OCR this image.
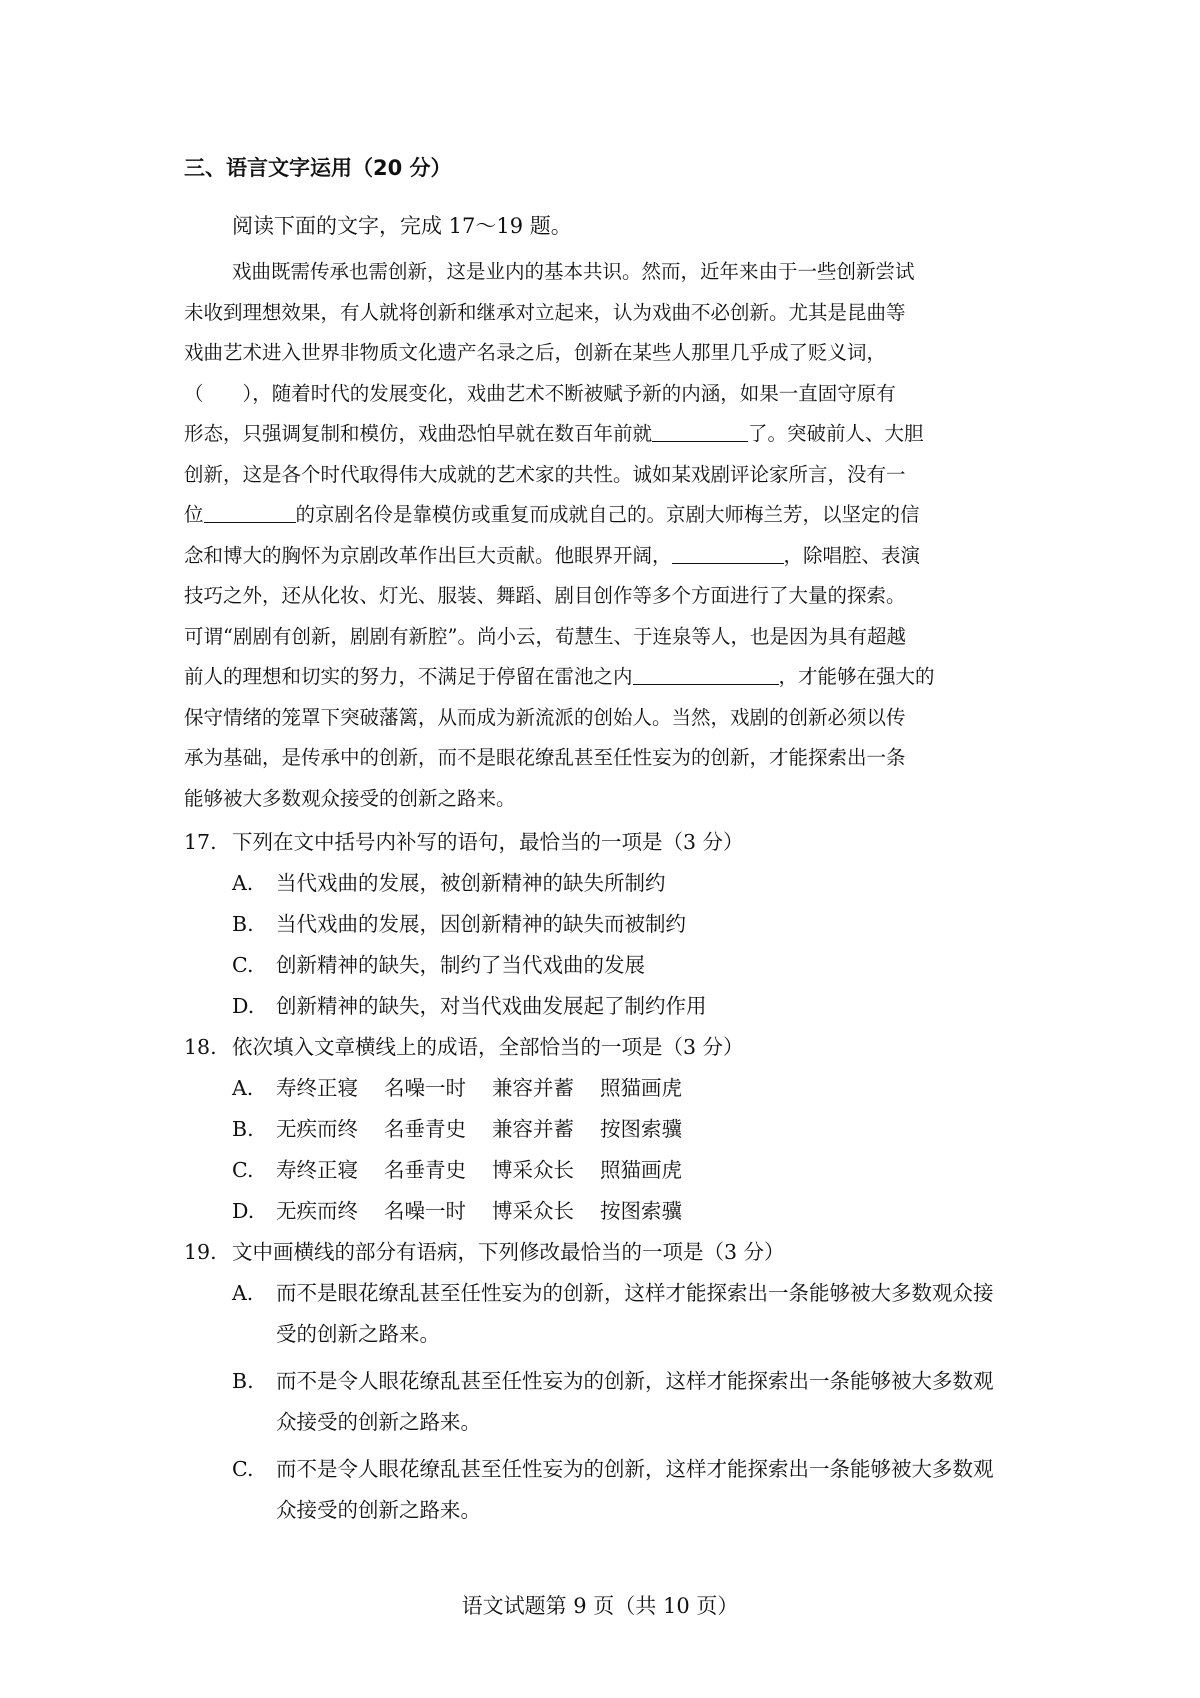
三、语言文字运用（20 分）
阅读下面的文字，完成 17～19 题。
戏曲既需传承也需创新，这是业内的基本共识。然而，近年来由于一些创新尝试
未收到理想效果，有人就将创新和继承对立起来，认为戏曲不必创新。尤其是昆曲等
戏曲艺术进入世界非物质文化遗产名录之后，创新在某些人那里几乎成了贬义词，
（　　），随着时代的发展变化，戏曲艺术不断被赋予新的内涵，如果一直固守原有
形态，只强调复制和模仿，戏曲恐怕早就在数百年前就	了。突破前人、大胆
创新，这是各个时代取得伟大成就的艺术家的共性。诚如某戏剧评论家所言，没有一
位	的京剧名伶是靠模仿或重复而成就自己的。京剧大师梅兰芳，以坚定的信
念和博大的胸怀为京剧改革作出巨大贡献。他眼界开阔，	，除唱腔、表演
技巧之外，还从化妆、灯光、服装、舞蹈、剧目创作等多个方面进行了大量的探索。
可谓“剧剧有创新，剧剧有新腔”。尚小云，荀慧生、于连泉等人，也是因为具有超越
前人的理想和切实的努力，不满足于停留在雷池之内	，才能够在强大的
保守情绪的笼罩下突破藩篱，从而成为新流派的创始人。当然，戏剧的创新必须以传
承为基础，是传承中的创新，而不是眼花缭乱甚至任性妄为的创新，才能探索出一条
能够被大多数观众接受的创新之路来。
17. 下列在文中括号内补写的语句，最恰当的一项是（3 分）
A. 当代戏曲的发展，被创新精神的缺失所制约
B. 当代戏曲的发展，因创新精神的缺失而被制约
C. 创新精神的缺失，制约了当代戏曲的发展
D. 创新精神的缺失，对当代戏曲发展起了制约作用
18. 依次填入文章横线上的成语，全部恰当的一项是（3 分）
A. 寿终正寝 名噪一时 兼容并蓄 照猫画虎
B. 无疾而终 名垂青史 兼容并蓄 按图索骥
C. 寿终正寝 名垂青史 博采众长 照猫画虎
D. 无疾而终 名噪一时 博采众长 按图索骥
19. 文中画横线的部分有语病，下列修改最恰当的一项是（3 分）
A.	而不是眼花缭乱甚至任性妄为的创新，这样才能探索出一条能够被大多数观众接受的创新之路来。
B.	而不是令人眼花缭乱甚至任性妄为的创新，这样才能探索出一条能够被大多数观众接受的创新之路来。
C.	而不是令人眼花缭乱甚至任性妄为的创新，这样才能探索出一条能够被大多数观众接受的创新之路来。
语文试题第 9 页（共 10 页）
